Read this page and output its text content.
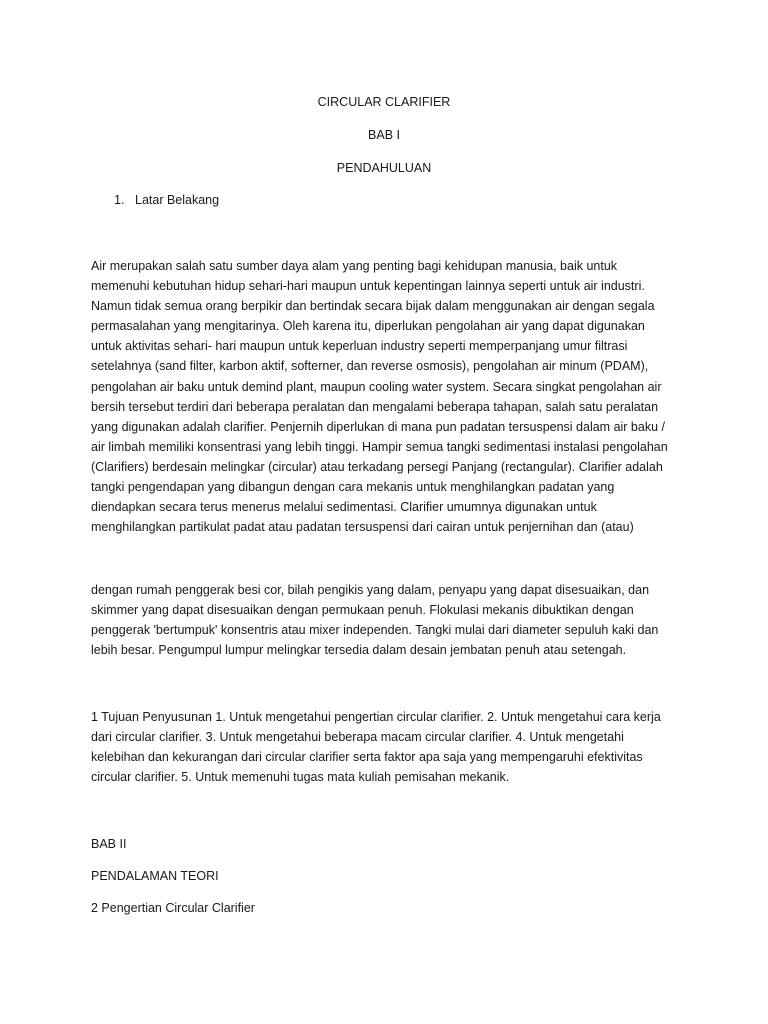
CIRCULAR CLARIFIER
BAB I
PENDAHULUAN
1. Latar Belakang
Air merupakan salah satu sumber daya alam yang penting bagi kehidupan manusia, baik untuk
memenuhi kebutuhan hidup sehari-hari maupun untuk kepentingan lainnya seperti untuk air industri.
Namun tidak semua orang berpikir dan bertindak secara bijak dalam menggunakan air dengan segala
permasalahan yang mengitarinya. Oleh karena itu, diperlukan pengolahan air yang dapat digunakan
untuk aktivitas sehari- hari maupun untuk keperluan industry seperti memperpanjang umur filtrasi
setelahnya (sand filter, karbon aktif, softerner, dan reverse osmosis), pengolahan air minum (PDAM),
pengolahan air baku untuk demind plant, maupun cooling water system. Secara singkat pengolahan air
bersih tersebut terdiri dari beberapa peralatan dan mengalami beberapa tahapan, salah satu peralatan
yang digunakan adalah clarifier. Penjernih diperlukan di mana pun padatan tersuspensi dalam air baku /
air limbah memiliki konsentrasi yang lebih tinggi. Hampir semua tangki sedimentasi instalasi pengolahan
(Clarifiers) berdesain melingkar (circular) atau terkadang persegi Panjang (rectangular). Clarifier adalah
tangki pengendapan yang dibangun dengan cara mekanis untuk menghilangkan padatan yang
diendapkan secara terus menerus melalui sedimentasi. Clarifier umumnya digunakan untuk
menghilangkan partikulat padat atau padatan tersuspensi dari cairan untuk penjernihan dan (atau)
dengan rumah penggerak besi cor, bilah pengikis yang dalam, penyapu yang dapat disesuaikan, dan
skimmer yang dapat disesuaikan dengan permukaan penuh. Flokulasi mekanis dibuktikan dengan
penggerak 'bertumpuk' konsentris atau mixer independen. Tangki mulai dari diameter sepuluh kaki dan
lebih besar. Pengumpul lumpur melingkar tersedia dalam desain jembatan penuh atau setengah.
1 Tujuan Penyusunan 1. Untuk mengetahui pengertian circular clarifier. 2. Untuk mengetahui cara kerja
dari circular clarifier. 3. Untuk mengetahui beberapa macam circular clarifier. 4. Untuk mengetahi
kelebihan dan kekurangan dari circular clarifier serta faktor apa saja yang mempengaruhi efektivitas
circular clarifier. 5. Untuk memenuhi tugas mata kuliah pemisahan mekanik.
BAB II
PENDALAMAN TEORI
2 Pengertian Circular Clarifier
